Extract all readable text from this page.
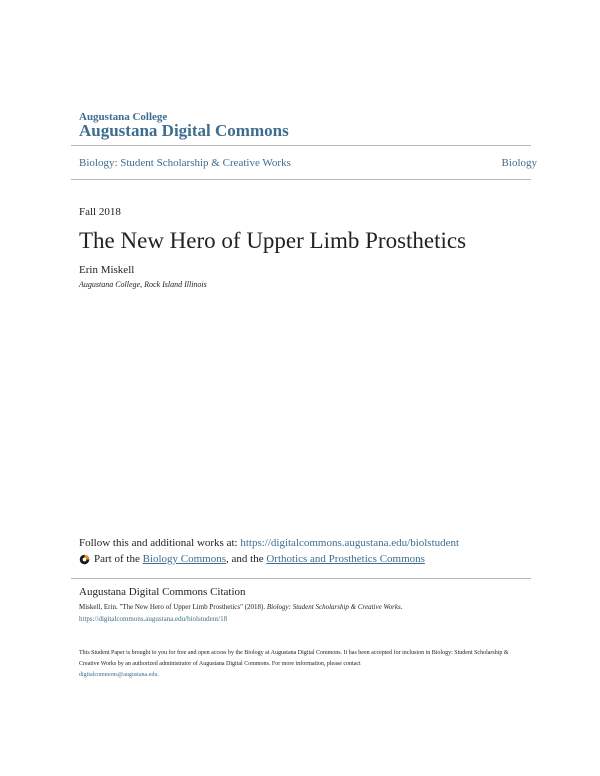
Augustana College
Augustana Digital Commons
Biology: Student Scholarship & Creative Works	Biology
Fall 2018
The New Hero of Upper Limb Prosthetics
Erin Miskell
Augustana College, Rock Island Illinois
Follow this and additional works at: https://digitalcommons.augustana.edu/biolstudent
Part of the
Biology Commons , and the
Orthotics and Prosthetics Commons
Augustana Digital Commons Citation
Miskell, Erin. "The New Hero of Upper Limb Prosthetics" (2018). Biology: Student Scholarship & Creative Works.
https://digitalcommons.augustana.edu/biolstudent/18
This Student Paper is brought to you for free and open access by the Biology at Augustana Digital Commons. It has been accepted for inclusion in Biology: Student Scholarship & Creative Works by an authorized administrator of Augustana Digital Commons. For more information, please contact
digitalcommons@augustana.edu.
